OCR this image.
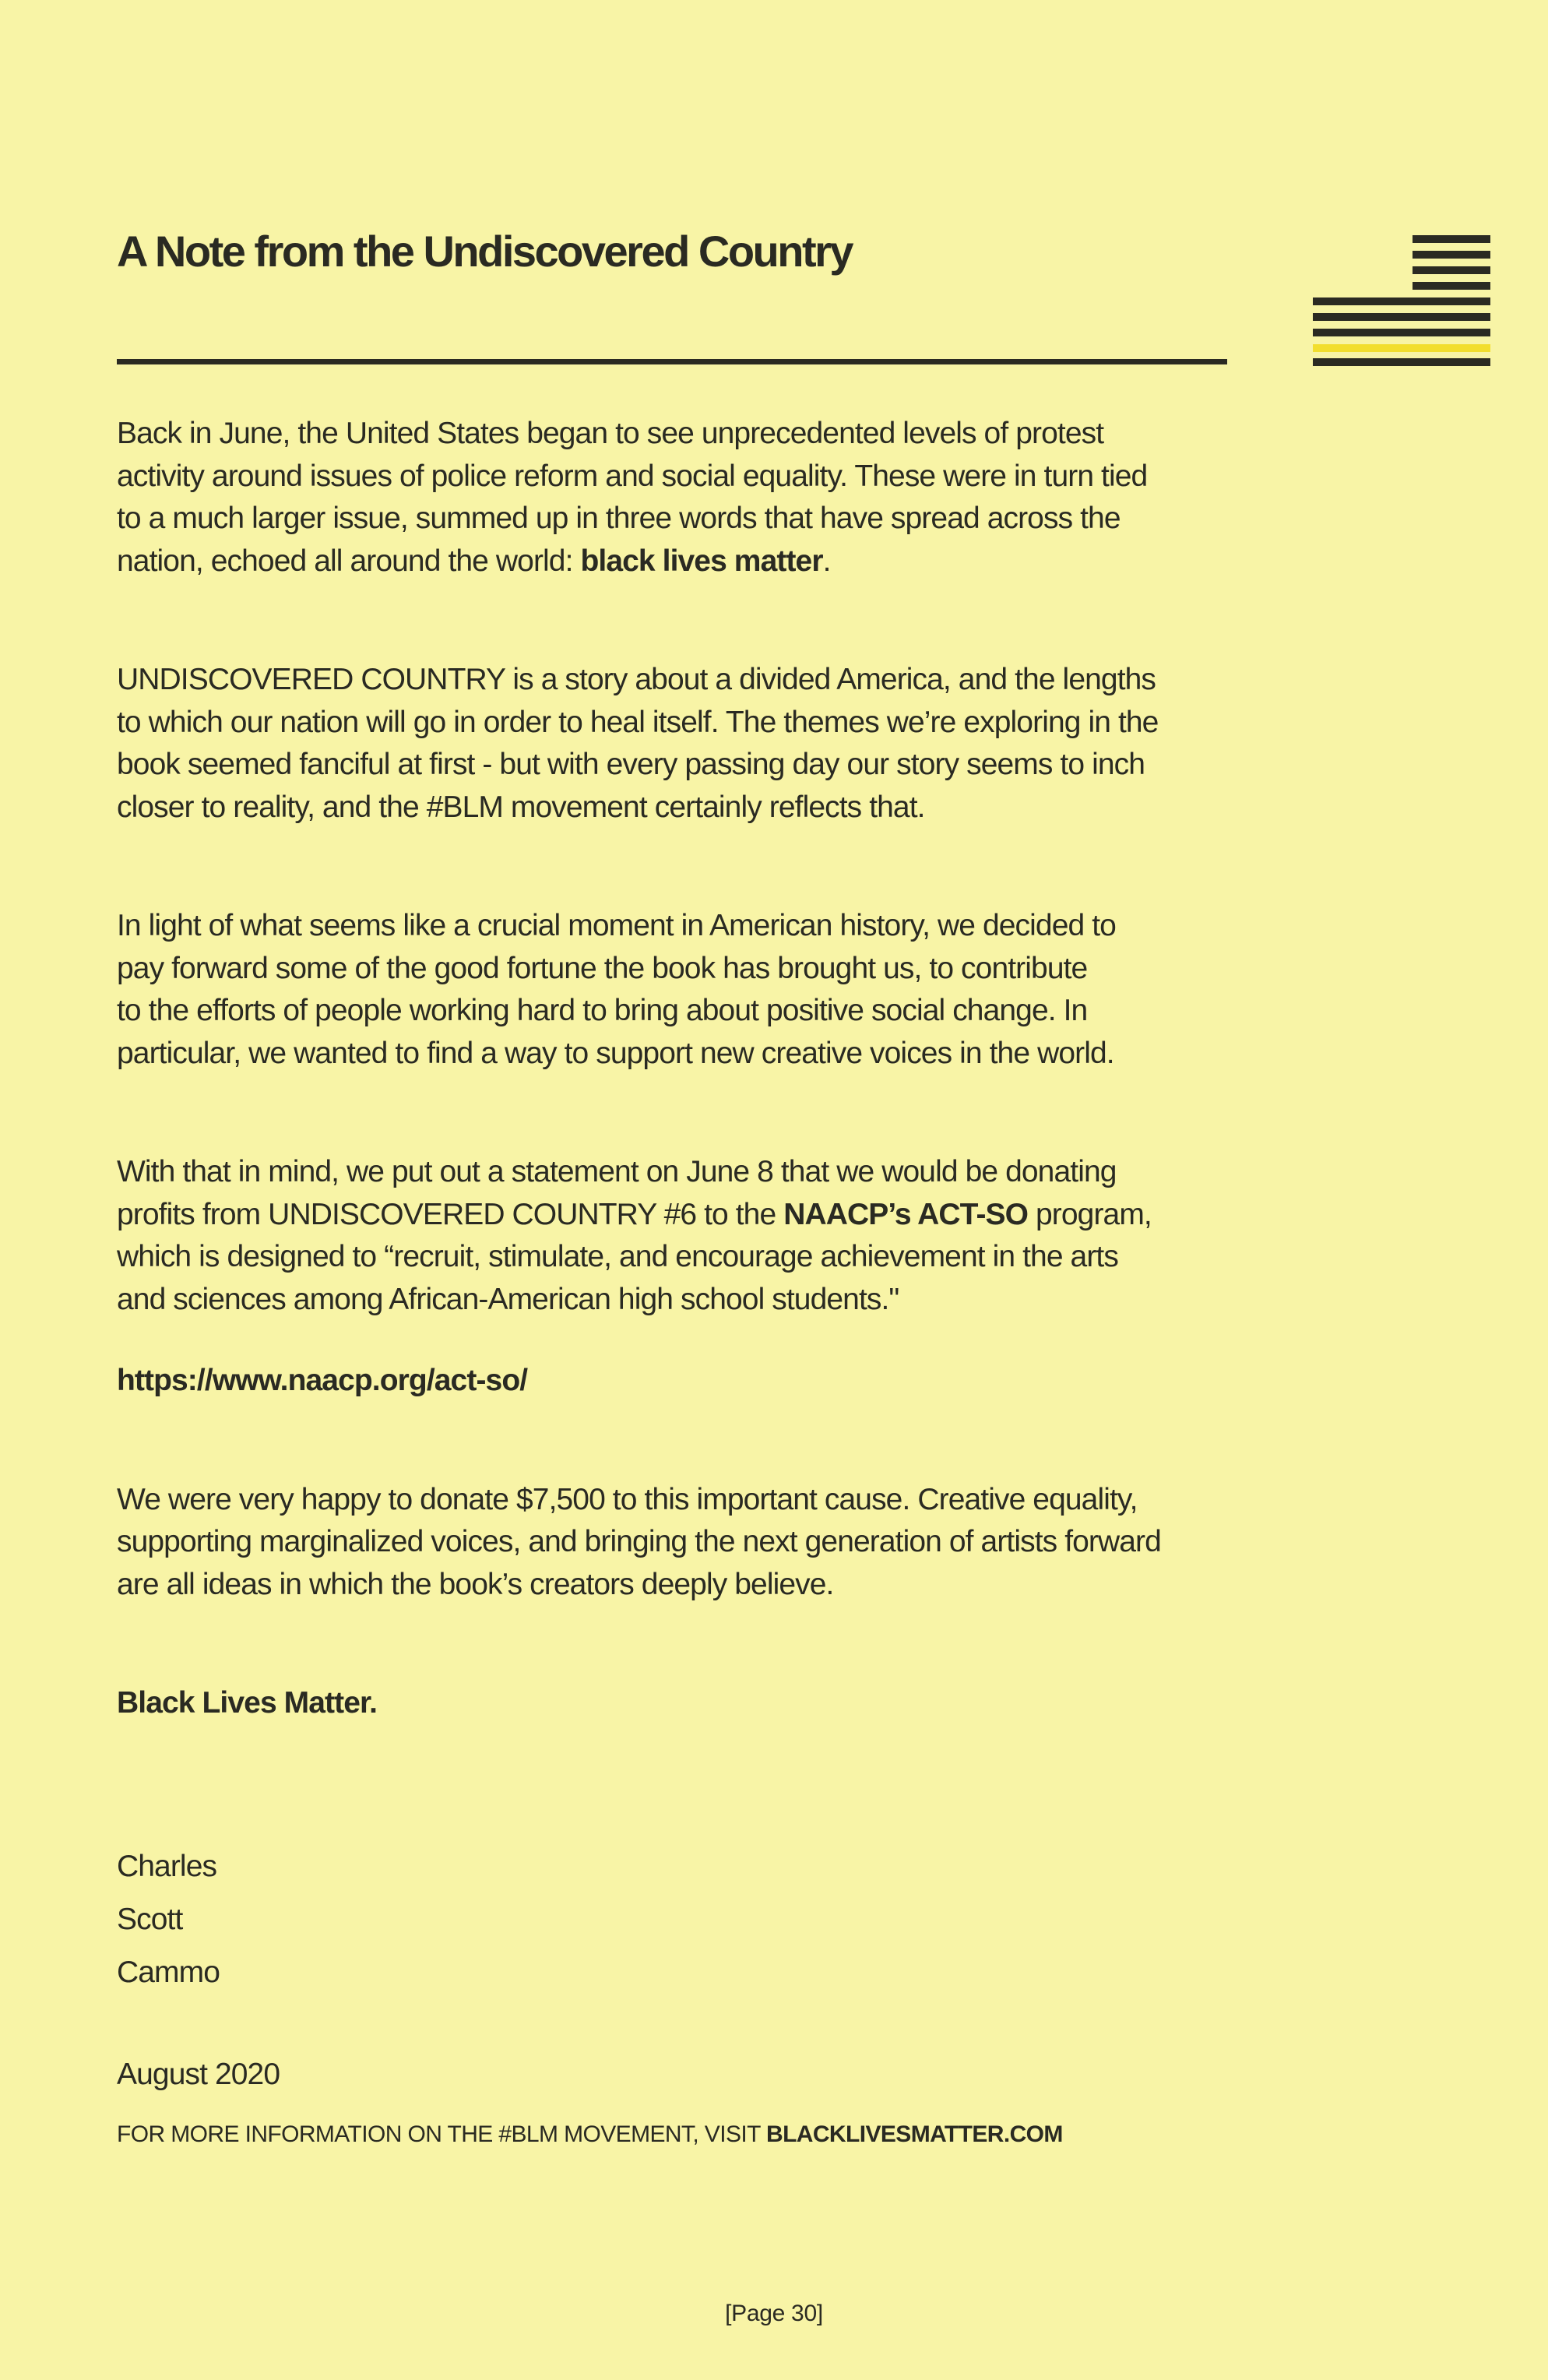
A Note from the Undiscovered Country

Back in June, the United States began to see unprecedented levels of protest
activity around issues of police reform and social equality. These were in turn tied
to a much larger issue, summed up in three words that have spread across the
nation, echoed all around the world: black lives matter.

UNDISCOVERED COUNTRY is a story about a divided America, and the lengths
to which our nation will go in order to heal itself. The themes we’re exploring in the
book seemed fanciful at first - but with every passing day our story seems to inch
closer to reality, and the #BLM movement certainly reflects that.

In light of what seems like a crucial moment in American history, we decided to
pay forward some of the good fortune the book has brought us, to contribute
to the efforts of people working hard to bring about positive social change. In
particular, we wanted to find a way to support new creative voices in the world.

With that in mind, we put out a statement on June 8 that we would be donating
profits from UNDISCOVERED COUNTRY #6 to the NAACP’s ACT-SO program,
which is designed to “recruit, stimulate, and encourage achievement in the arts
and sciences among African-American high school students."

https://www.naacp.org/act-so/

We were very happy to donate $7,500 to this important cause. Creative equality,
supporting marginalized voices, and bringing the next generation of artists forward
are all ideas in which the book’s creators deeply believe.

Black Lives Matter.

Charles
Scott
Cammo

August 2020

FOR MORE INFORMATION ON THE #BLM MOVEMENT, VISIT BLACKLIVESMATTER.COM
[Page 30]
